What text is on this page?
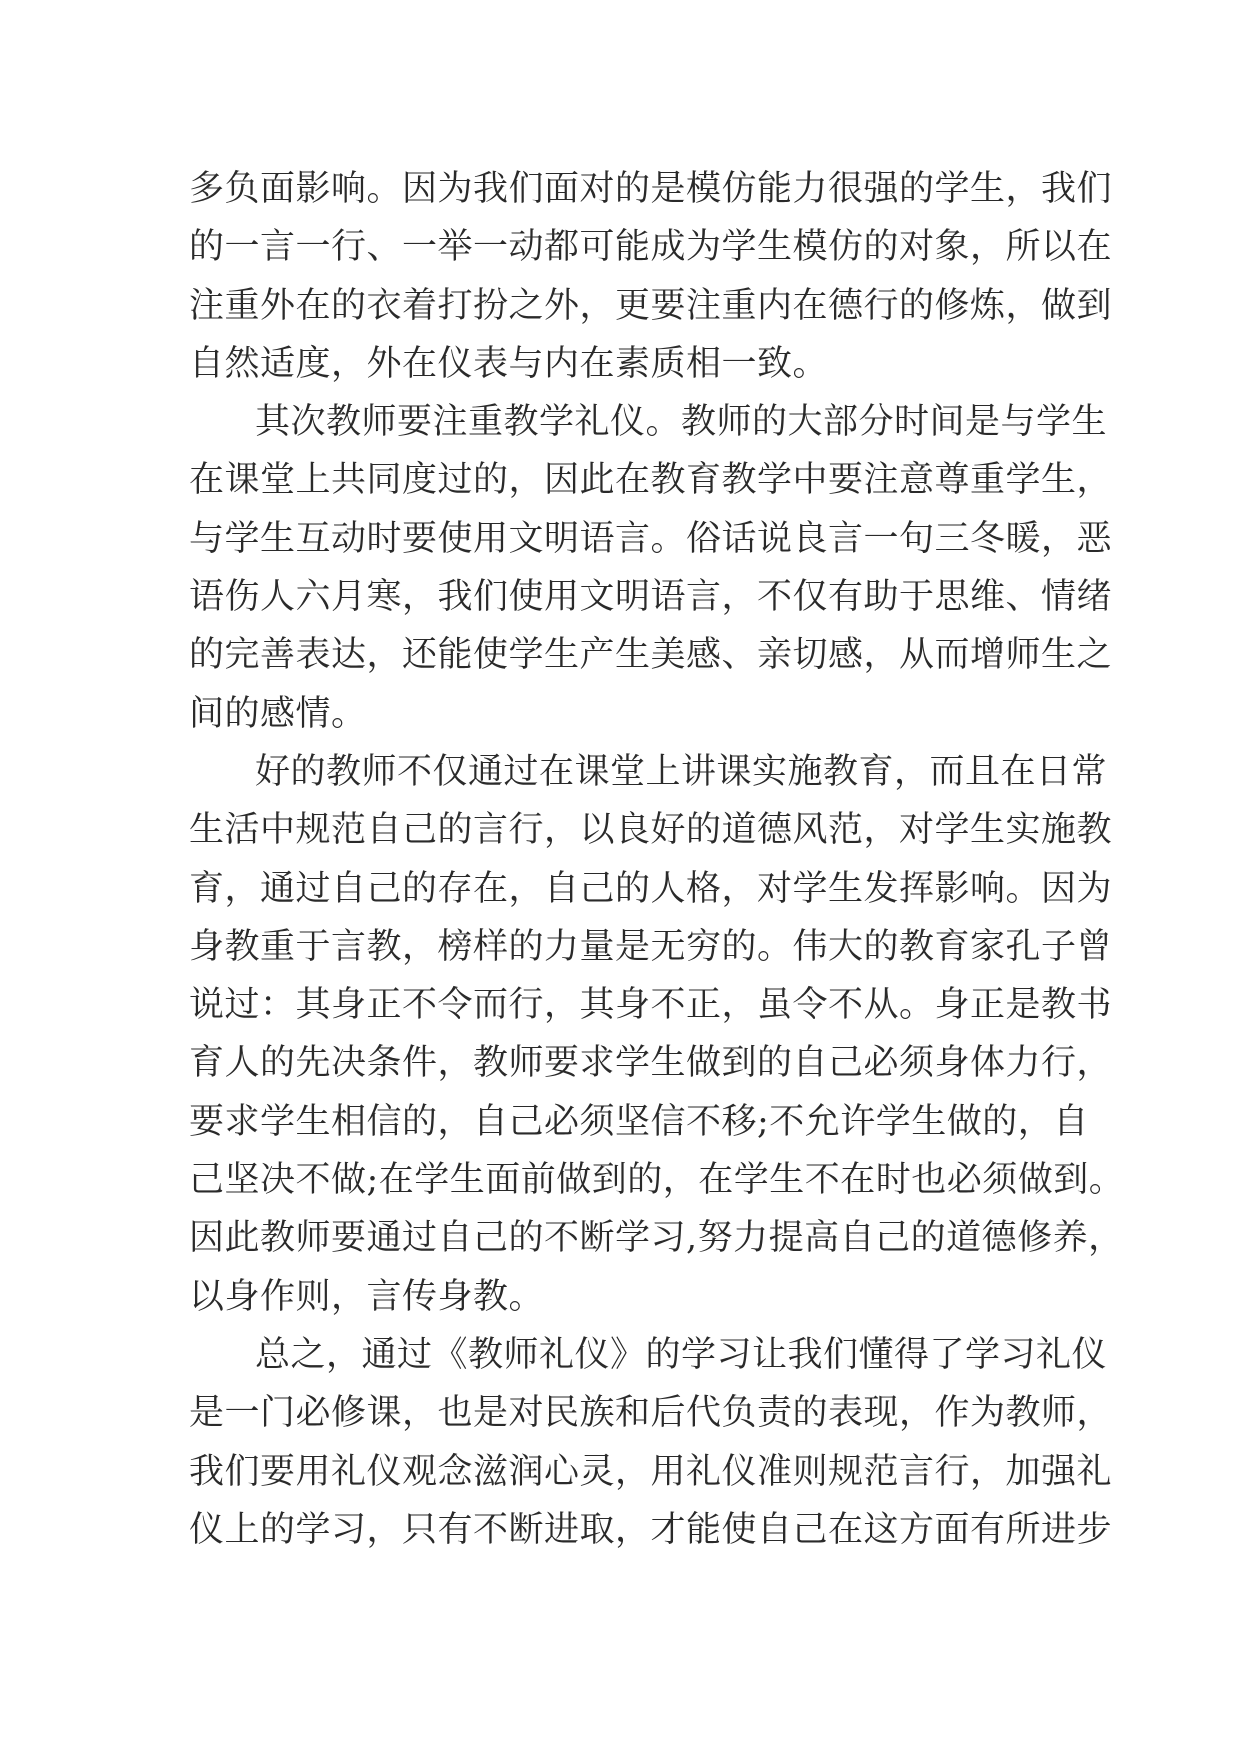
多负面影响。因为我们面对的是模仿能力很强的学生，我们
的一言一行、一举一动都可能成为学生模仿的对象，所以在
注重外在的衣着打扮之外，更要注重内在德行的修炼，做到
自然适度，外在仪表与内在素质相一致。
其次教师要注重教学礼仪。教师的大部分时间是与学生
在课堂上共同度过的，因此在教育教学中要注意尊重学生，
与学生互动时要使用文明语言。俗话说良言一句三冬暖，恶
语伤人六月寒，我们使用文明语言，不仅有助于思维、情绪
的完善表达，还能使学生产生美感、亲切感，从而增师生之
间的感情。
好的教师不仅通过在课堂上讲课实施教育，而且在日常
生活中规范自己的言行，以良好的道德风范，对学生实施教
育，通过自己的存在，自己的人格，对学生发挥影响。因为
身教重于言教，榜样的力量是无穷的。伟大的教育家孔子曾
说过：其身正不令而行，其身不正，虽令不从。身正是教书
育人的先决条件，教师要求学生做到的自己必须身体力行，
要求学生相信的，自己必须坚信不移;不允许学生做的，自
己坚决不做;在学生面前做到的，在学生不在时也必须做到。
因此教师要通过自己的不断学习,努力提高自己的道德修养，
以身作则，言传身教。
总之，通过《教师礼仪》的学习让我们懂得了学习礼仪
是一门必修课，也是对民族和后代负责的表现，作为教师，
我们要用礼仪观念滋润心灵，用礼仪准则规范言行，加强礼
仪上的学习，只有不断进取，才能使自己在这方面有所进步
